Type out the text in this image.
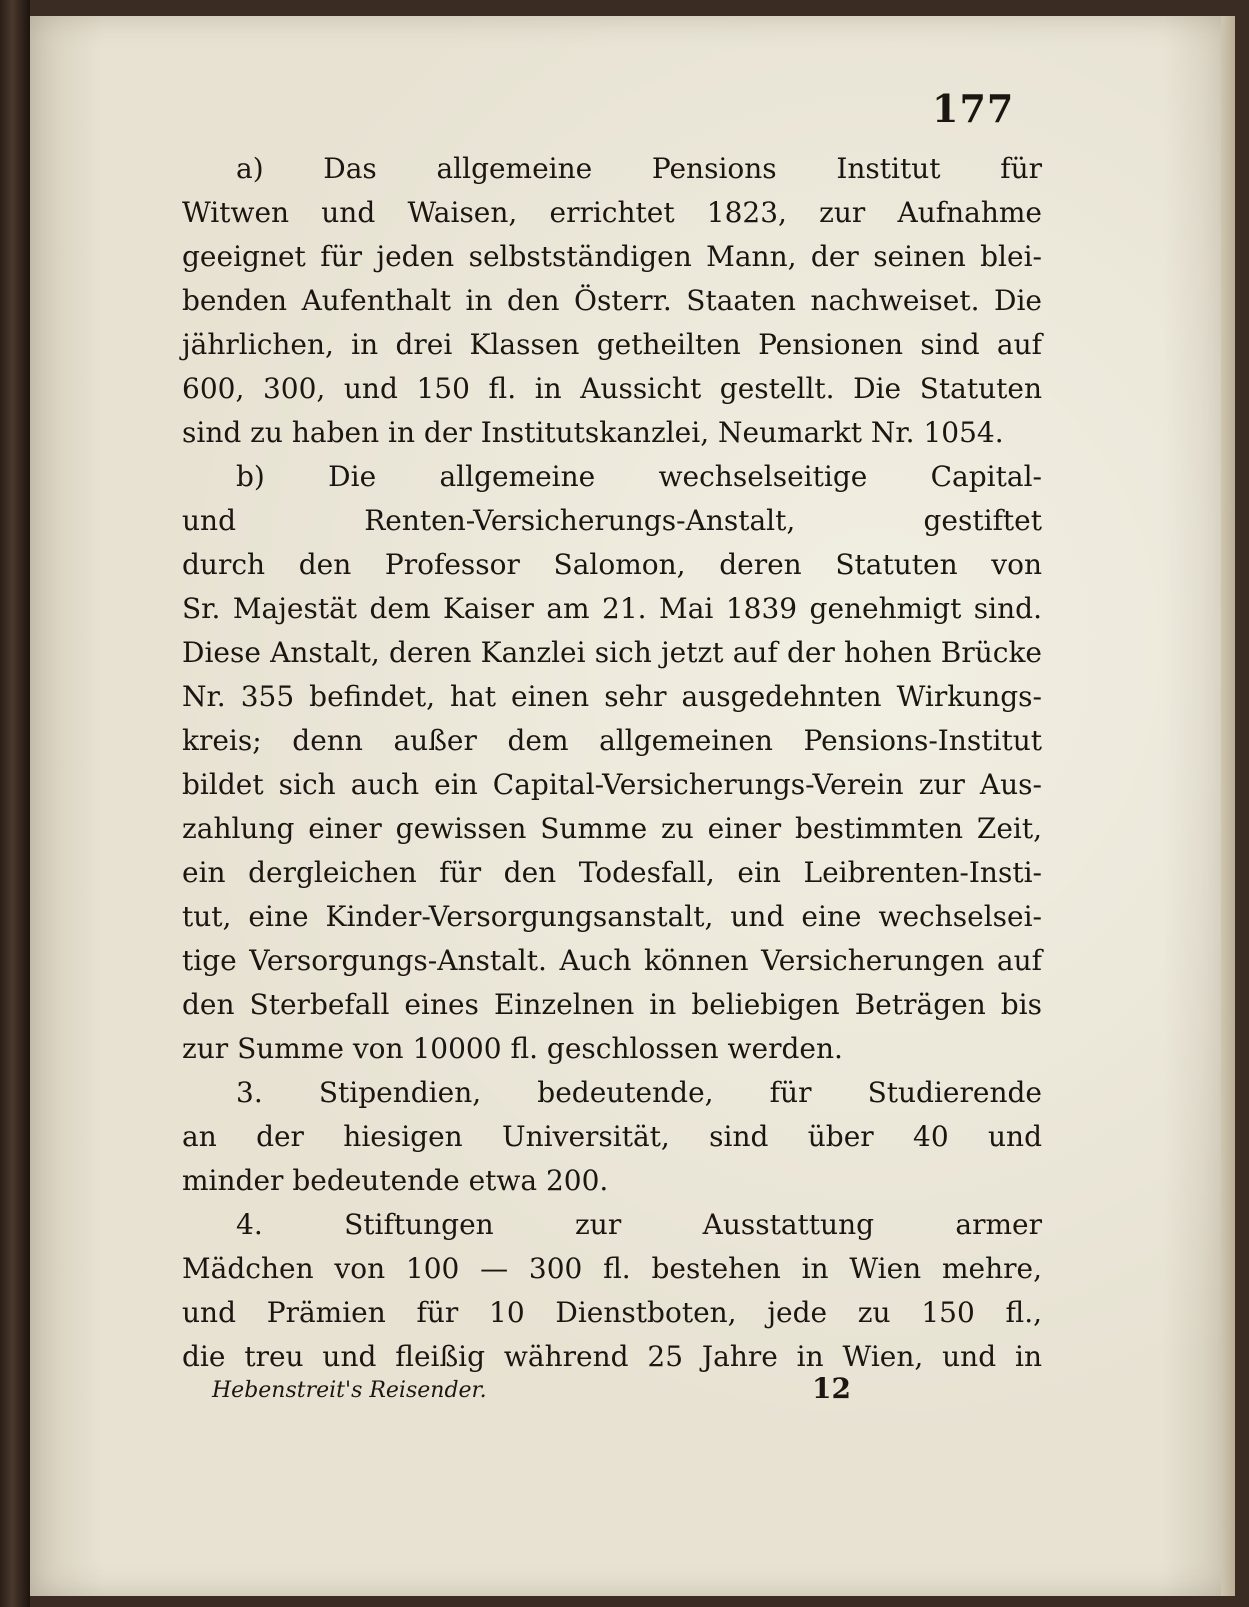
177
a) Das allgemeine Pensions Institut für
Witwen und Waisen, errichtet 1823, zur Aufnahme
geeignet für jeden selbstständigen Mann, der seinen blei-
benden Aufenthalt in den Österr. Staaten nachweiset. Die
jährlichen, in drei Klassen getheilten Pensionen sind auf
600, 300, und 150 fl. in Aussicht gestellt. Die Statuten
sind zu haben in der Institutskanzlei, Neumarkt Nr. 1054.
b) Die allgemeine wechselseitige Capital-
und Renten-Versicherungs-Anstalt, gestiftet
durch den Professor Salomon, deren Statuten von
Sr. Majestät dem Kaiser am 21. Mai 1839 genehmigt sind.
Diese Anstalt, deren Kanzlei sich jetzt auf der hohen Brücke
Nr. 355 befindet, hat einen sehr ausgedehnten Wirkungs-
kreis; denn außer dem allgemeinen Pensions-Institut
bildet sich auch ein Capital-Versicherungs-Verein zur Aus-
zahlung einer gewissen Summe zu einer bestimmten Zeit,
ein dergleichen für den Todesfall, ein Leibrenten-Insti-
tut, eine Kinder-Versorgungsanstalt, und eine wechselsei-
tige Versorgungs-Anstalt. Auch können Versicherungen auf
den Sterbefall eines Einzelnen in beliebigen Beträgen bis
zur Summe von 10000 fl. geschlossen werden.
3. Stipendien, bedeutende, für Studierende
an der hiesigen Universität, sind über 40 und
minder bedeutende etwa 200.
4. Stiftungen zur Ausstattung armer
Mädchen von 100 — 300 fl. bestehen in Wien mehre,
und Prämien für 10 Dienstboten, jede zu 150 fl.,
die treu und fleißig während 25 Jahre in Wien, und in
Hebenstreit's Reisender.	12
